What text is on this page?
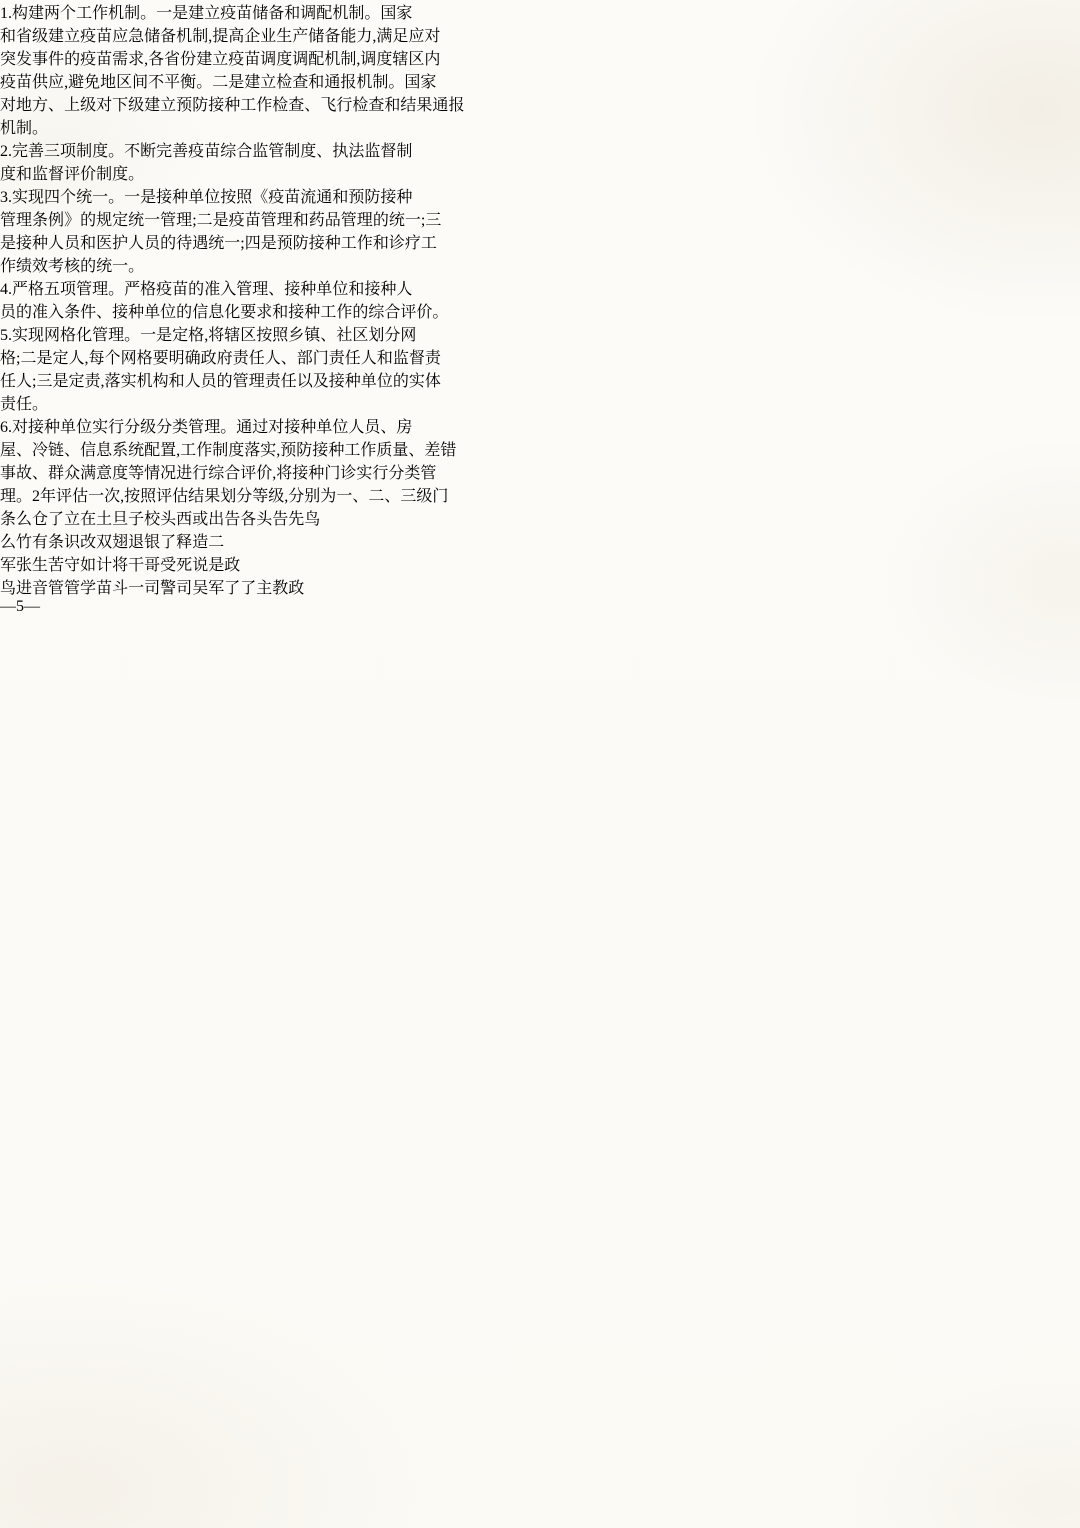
1.构建两个工作机制。一是建立疫苗储备和调配机制。国家
和省级建立疫苗应急储备机制,提高企业生产储备能力,满足应对
突发事件的疫苗需求,各省份建立疫苗调度调配机制,调度辖区内
疫苗供应,避免地区间不平衡。二是建立检查和通报机制。国家
对地方、上级对下级建立预防接种工作检查、飞行检查和结果通报
机制。
2.完善三项制度。不断完善疫苗综合监管制度、执法监督制
度和监督评价制度。
3.实现四个统一。一是接种单位按照《疫苗流通和预防接种
管理条例》的规定统一管理;二是疫苗管理和药品管理的统一;三
是接种人员和医护人员的待遇统一;四是预防接种工作和诊疗工
作绩效考核的统一。
4.严格五项管理。严格疫苗的准入管理、接种单位和接种人
员的准入条件、接种单位的信息化要求和接种工作的综合评价。
5.实现网格化管理。一是定格,将辖区按照乡镇、社区划分网
格;二是定人,每个网格要明确政府责任人、部门责任人和监督责
任人;三是定责,落实机构和人员的管理责任以及接种单位的实体
责任。
6.对接种单位实行分级分类管理。通过对接种单位人员、房
屋、冷链、信息系统配置,工作制度落实,预防接种工作质量、差错
事故、群众满意度等情况进行综合评价,将接种门诊实行分类管
理。2年评估一次,按照评估结果划分等级,分别为一、二、三级门
条么仓了立在土旦子校头西或出告各头告先鸟
么竹有条识改双翅退银了释造二
军张生苦守如计将干哥受死说是政
鸟进音管管学苗斗一司警司吴军了了主教政
—5—
